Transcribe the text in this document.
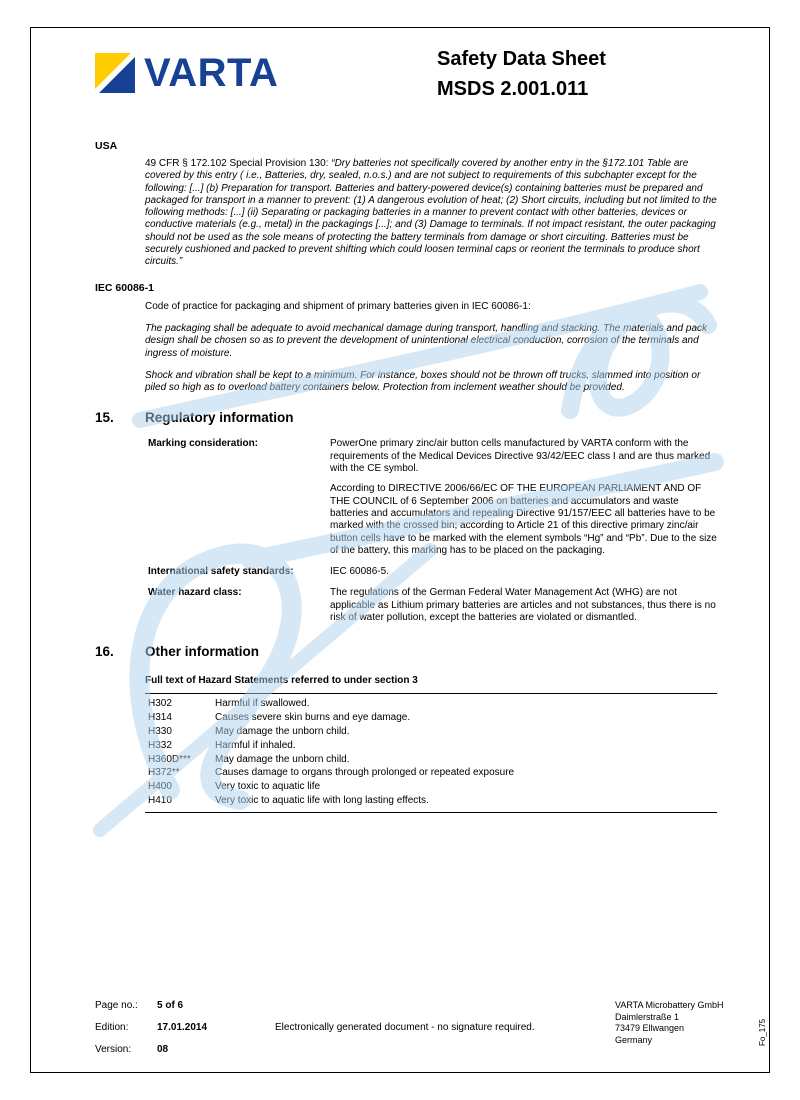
VARTA	Safety Data Sheet
MSDS 2.001.011
USA

49 CFR § 172.102 Special Provision 130: “Dry batteries not specifically covered by another entry in the §172.101 Table are covered by this entry ( i.e., Batteries, dry, sealed, n.o.s.) and are not subject to requirements of this subchapter except for the following: [...] (b) Preparation for transport. Batteries and battery-powered device(s) containing batteries must be prepared and packaged for transport in a manner to prevent: (1) A dangerous evolution of heat; (2) Short circuits, including but not limited to the following methods: [...] (ii) Separating or packaging batteries in a manner to prevent contact with other batteries, devices or conductive materials (e.g., metal) in the packagings [...]; and (3) Damage to terminals. If not impact resistant, the outer packaging should not be used as the sole means of protecting the battery terminals from damage or short circuiting. Batteries must be securely cushioned and packed to prevent shifting which could loosen terminal caps or reorient the terminals to produce short circuits.”

IEC 60086-1

Code of practice for packaging and shipment of primary batteries given in IEC 60086-1:

The packaging shall be adequate to avoid mechanical damage during transport, handling and stacking. The materials and pack design shall be chosen so as to prevent the development of unintentional electrical conduction, corrosion of the terminals and ingress of moisture.

Shock and vibration shall be kept to a minimum. For instance, boxes should not be thrown off trucks, slammed into position or piled so high as to overload battery containers below. Protection from inclement weather should be provided.

15.	Regulatory information
Marking consideration:	PowerOne primary zinc/air button cells manufactured by VARTA conform with the requirements of the Medical Devices Directive 93/42/EEC class I and are thus marked with the CE symbol.

According to DIRECTIVE 2006/66/EC OF THE EUROPEAN PARLIAMENT AND OF THE COUNCIL of 6 September 2006 on batteries and accumulators and waste batteries and accumulators and repealing Directive 91/157/EEC all batteries have to be marked with the crossed bin; according to Article 21 of this directive primary zinc/air button cells have to be marked with the element symbols “Hg” and “Pb”. Due to the size of the battery, this marking has to be placed on the packaging.

International safety standards:	IEC 60086-5.

Water hazard class:	The regulations of the German Federal Water Management Act (WHG) are not applicable as Lithium primary batteries are articles and not substances, thus there is no risk of water pollution, except the batteries are violated or dismantled.

16.	Other information

Full text of Hazard Statements referred to under section 3

H302	Harmful if swallowed.
H314	Causes severe skin burns and eye damage.
H330	May damage the unborn child.
H332	Harmful if inhaled.
H360D***	May damage the unborn child.
H372**	Causes damage to organs through prolonged or repeated exposure
H400	Very toxic to aquatic life
H410	Very toxic to aquatic life with long lasting effects.
Page no.:	5 of 6
Edition:	17.01.2014	Electronically generated document - no signature required.
Version:	08
VARTA Microbattery GmbH
Daimlerstraße 1
73479 Ellwangen
Germany	Fo_175
